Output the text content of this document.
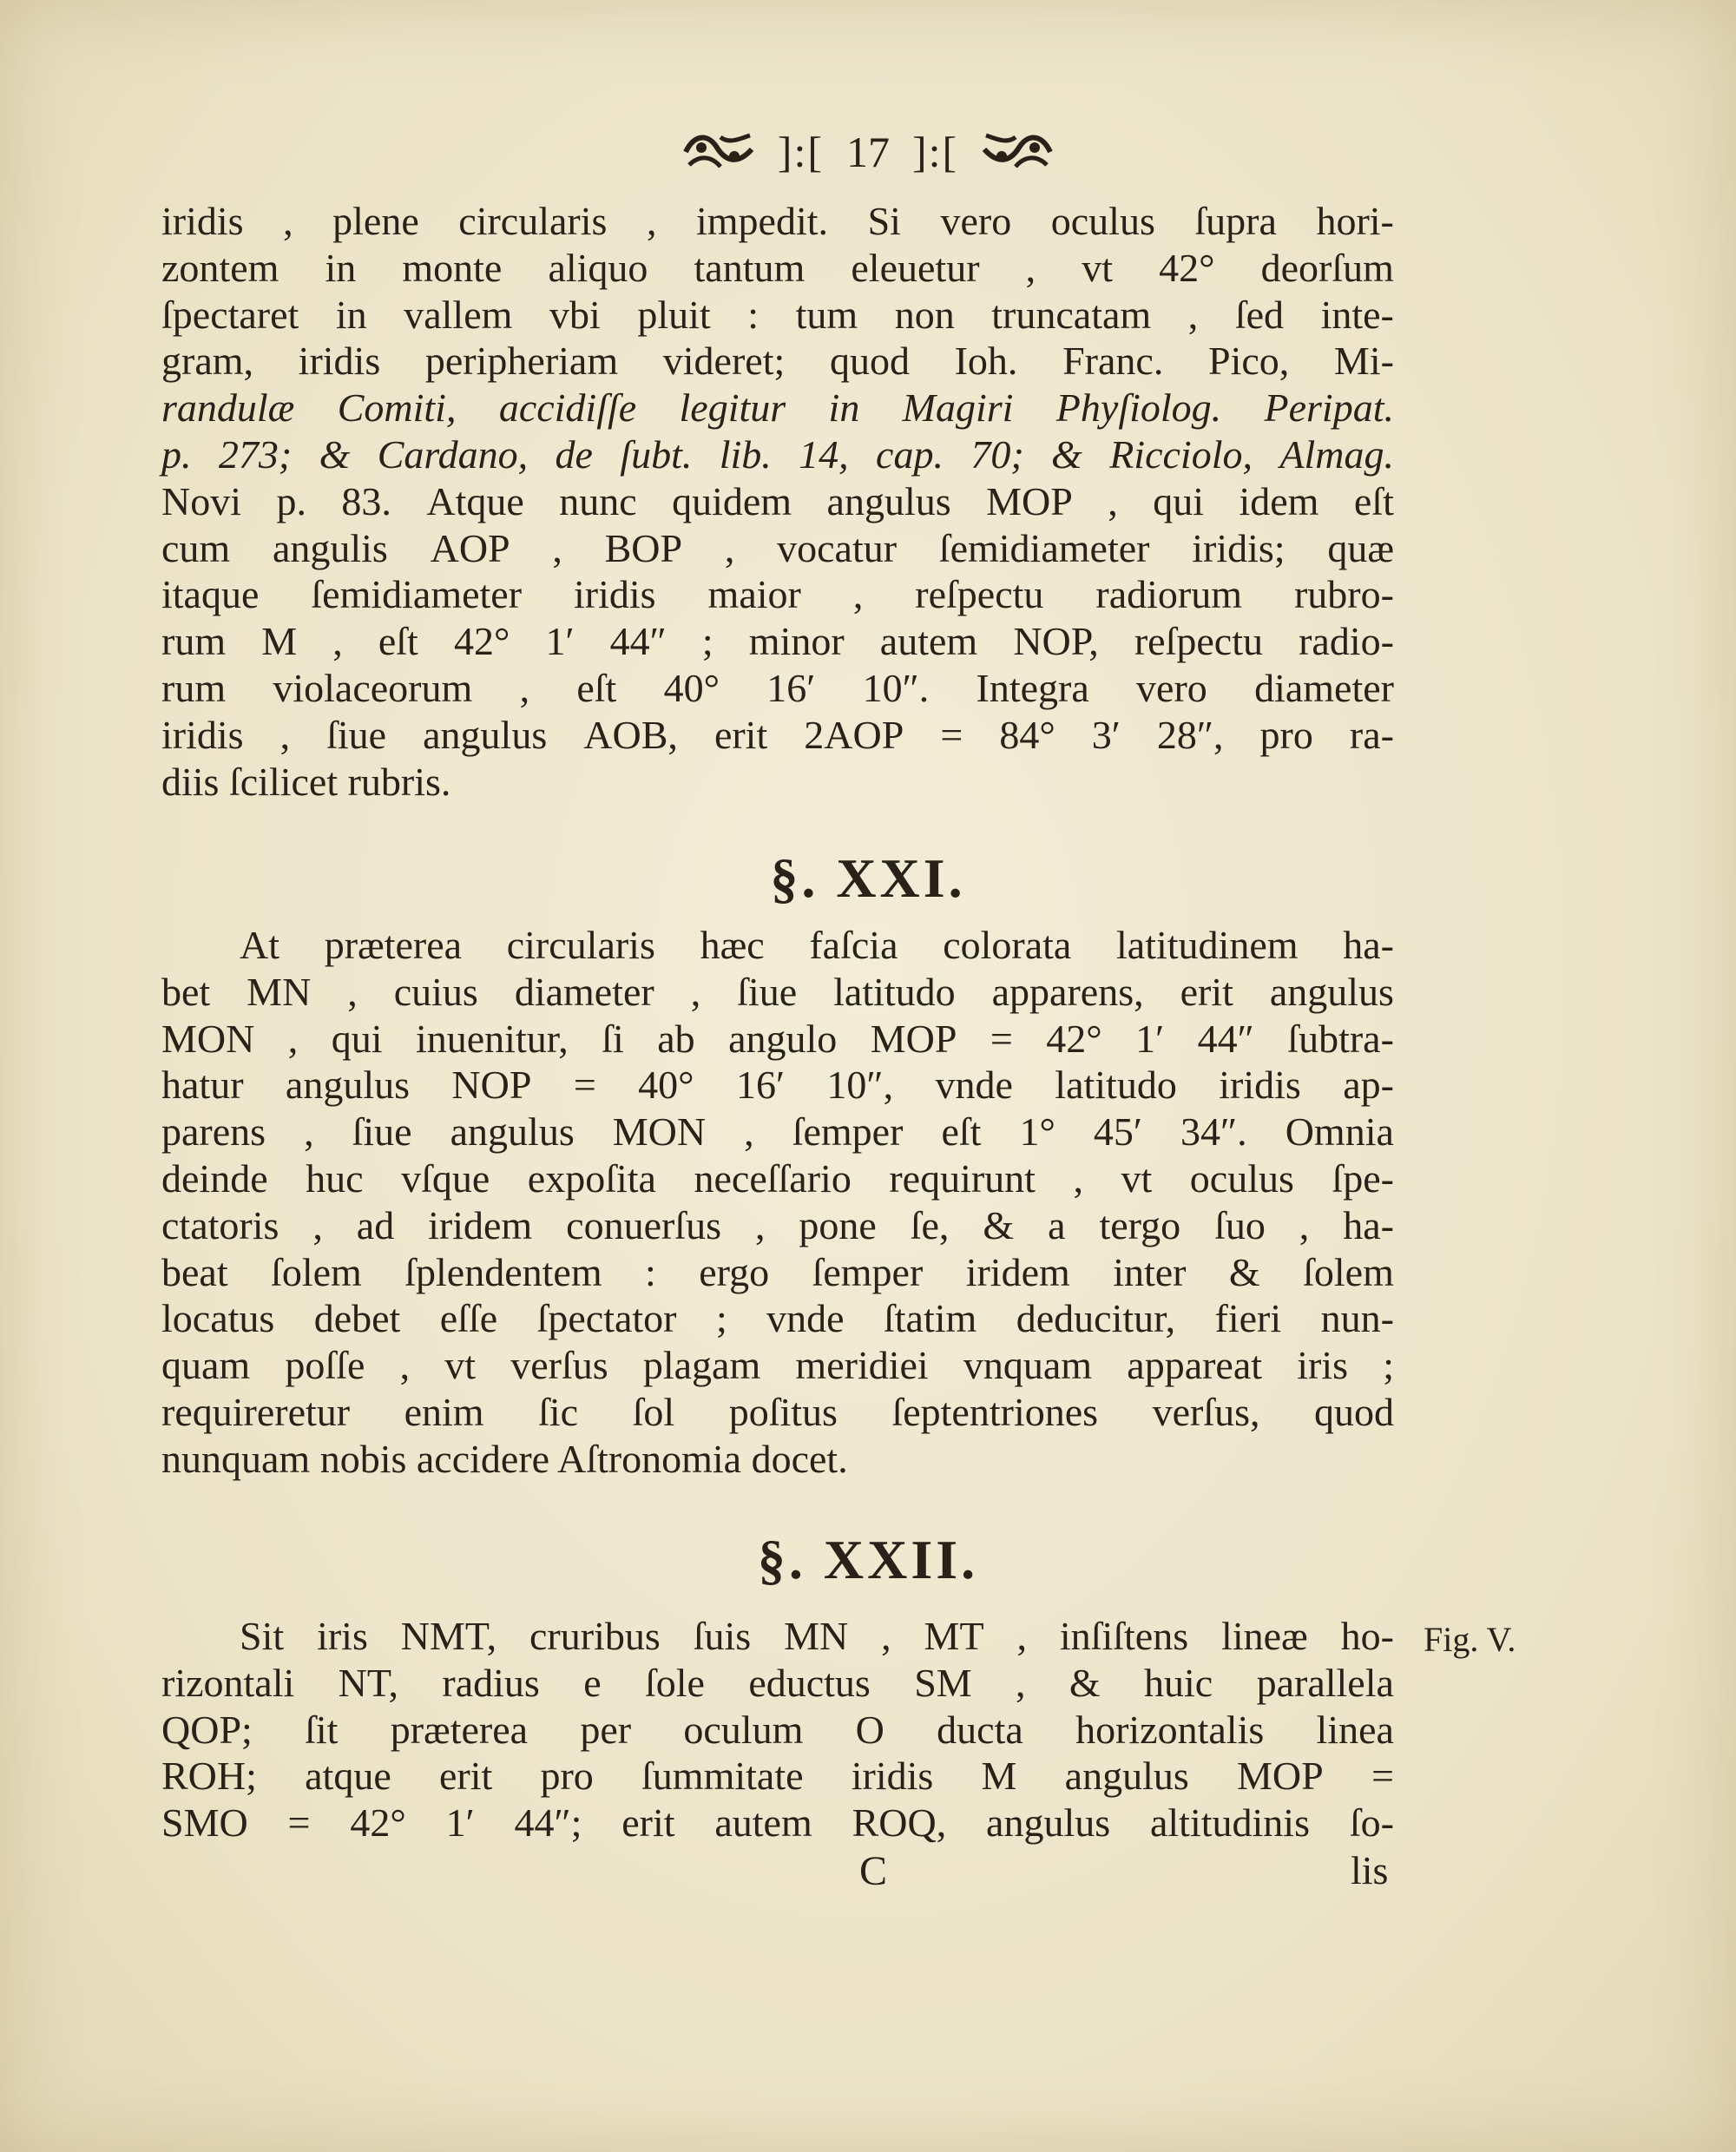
]:[ 17 ]:[
iridis , plene circularis , impedit. Si vero oculus ſupra hori-
zontem in monte aliquo tantum eleuetur , vt 42° deorſum
ſpectaret in vallem vbi pluit : tum non truncatam , ſed inte-
gram, iridis peripheriam videret; quod Ioh. Franc. Pico, Mi-
randulæ Comiti, accidiſſe legitur in Magiri Phyſiolog. Peripat.
p. 273; & Cardano, de ſubt. lib. 14, cap. 70; & Ricciolo, Almag.
Novi p. 83. Atque nunc quidem angulus MOP , qui idem eſt
cum angulis AOP , BOP , vocatur ſemidiameter iridis; quæ
itaque ſemidiameter iridis maior , reſpectu radiorum rubro-
rum M , eſt 42° 1′ 44″ ; minor autem NOP, reſpectu radio-
rum violaceorum , eſt 40° 16′ 10″. Integra vero diameter
iridis , ſiue angulus AOB, erit 2AOP = 84° 3′ 28″, pro ra-
diis ſcilicet rubris.
§. XXI.
At præterea circularis hæc faſcia colorata latitudinem ha-
bet MN , cuius diameter , ſiue latitudo apparens, erit angulus
MON , qui inuenitur, ſi ab angulo MOP = 42° 1′ 44″ ſubtra-
hatur angulus NOP = 40° 16′ 10″, vnde latitudo iridis ap-
parens , ſiue angulus MON , ſemper eſt 1° 45′ 34″. Omnia
deinde huc vſque expoſita neceſſario requirunt , vt oculus ſpe-
ctatoris , ad iridem conuerſus , pone ſe, & a tergo ſuo , ha-
beat ſolem ſplendentem : ergo ſemper iridem inter & ſolem
locatus debet eſſe ſpectator ; vnde ſtatim deducitur, fieri nun-
quam poſſe , vt verſus plagam meridiei vnquam appareat iris ;
requireretur enim ſic ſol poſitus ſeptentriones verſus, quod
nunquam nobis accidere Aſtronomia docet.
§. XXII.
Sit iris NMT, cruribus ſuis MN , MT , inſiſtens lineæ ho-
rizontali NT, radius e ſole eductus SM , & huic parallela
QOP; ſit præterea per oculum O ducta horizontalis linea
ROH; atque erit pro ſummitate iridis M angulus MOP =
SMO = 42° 1′ 44″; erit autem ROQ, angulus altitudinis ſo-
Fig. V.
C	lis
